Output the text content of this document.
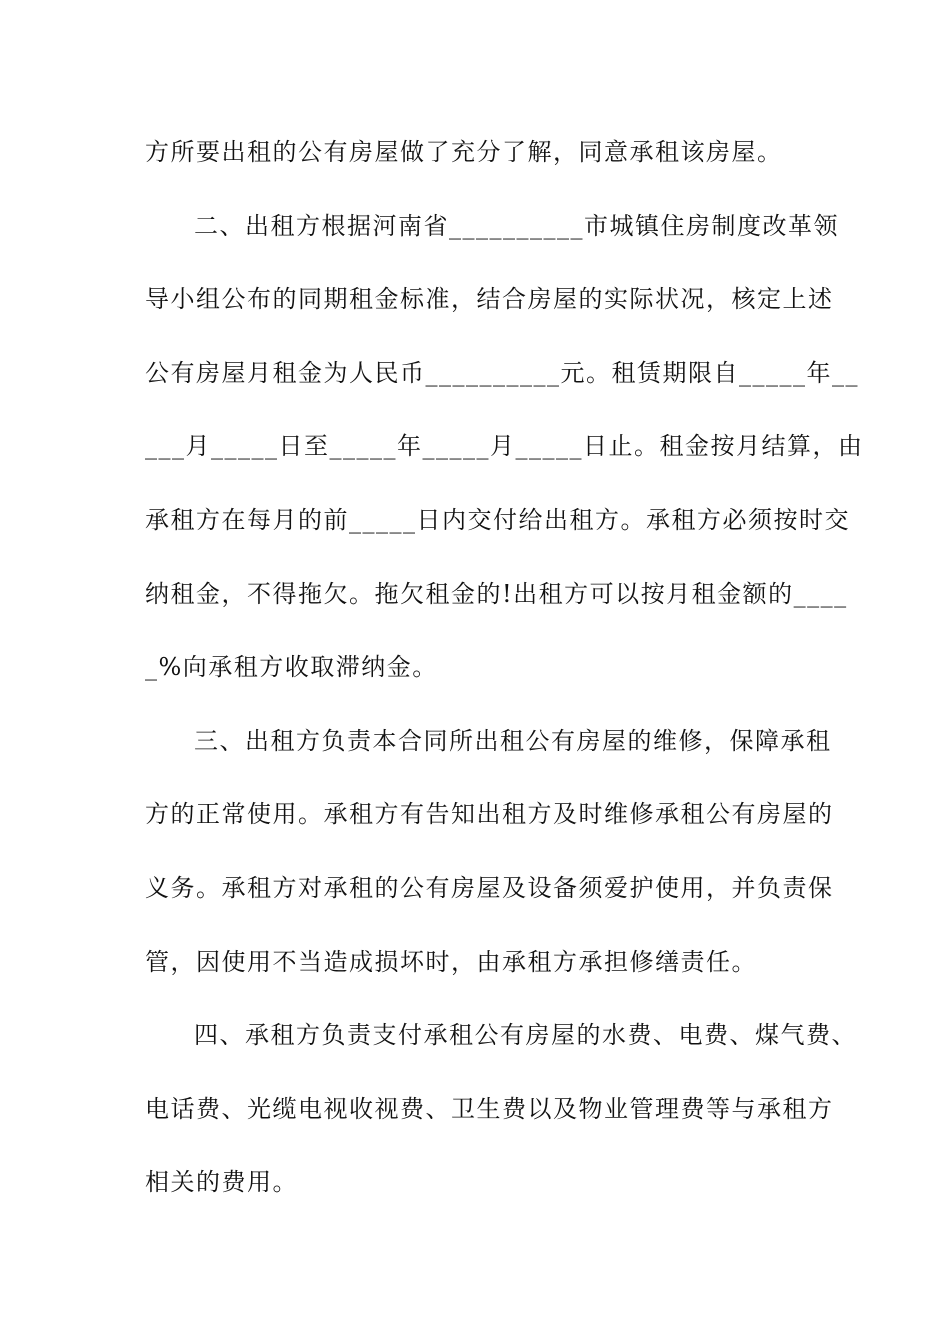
方所要出租的公有房屋做了充分了解，同意承租该房屋。
二、出租方根据河南省__________市城镇住房制度改革领
导小组公布的同期租金标准，结合房屋的实际状况，核定上述
公有房屋月租金为人民币__________元。租赁期限自_____年__
___月_____日至_____年_____月_____日止。租金按月结算，由
承租方在每月的前_____日内交付给出租方。承租方必须按时交
纳租金，不得拖欠。拖欠租金的!出租方可以按月租金额的____
_%向承租方收取滞纳金。
三、出租方负责本合同所出租公有房屋的维修，保障承租
方的正常使用。承租方有告知出租方及时维修承租公有房屋的
义务。承租方对承租的公有房屋及设备须爱护使用，并负责保
管，因使用不当造成损坏时，由承租方承担修缮责任。
四、承租方负责支付承租公有房屋的水费、电费、煤气费、
电话费、光缆电视收视费、卫生费以及物业管理费等与承租方
相关的费用。
